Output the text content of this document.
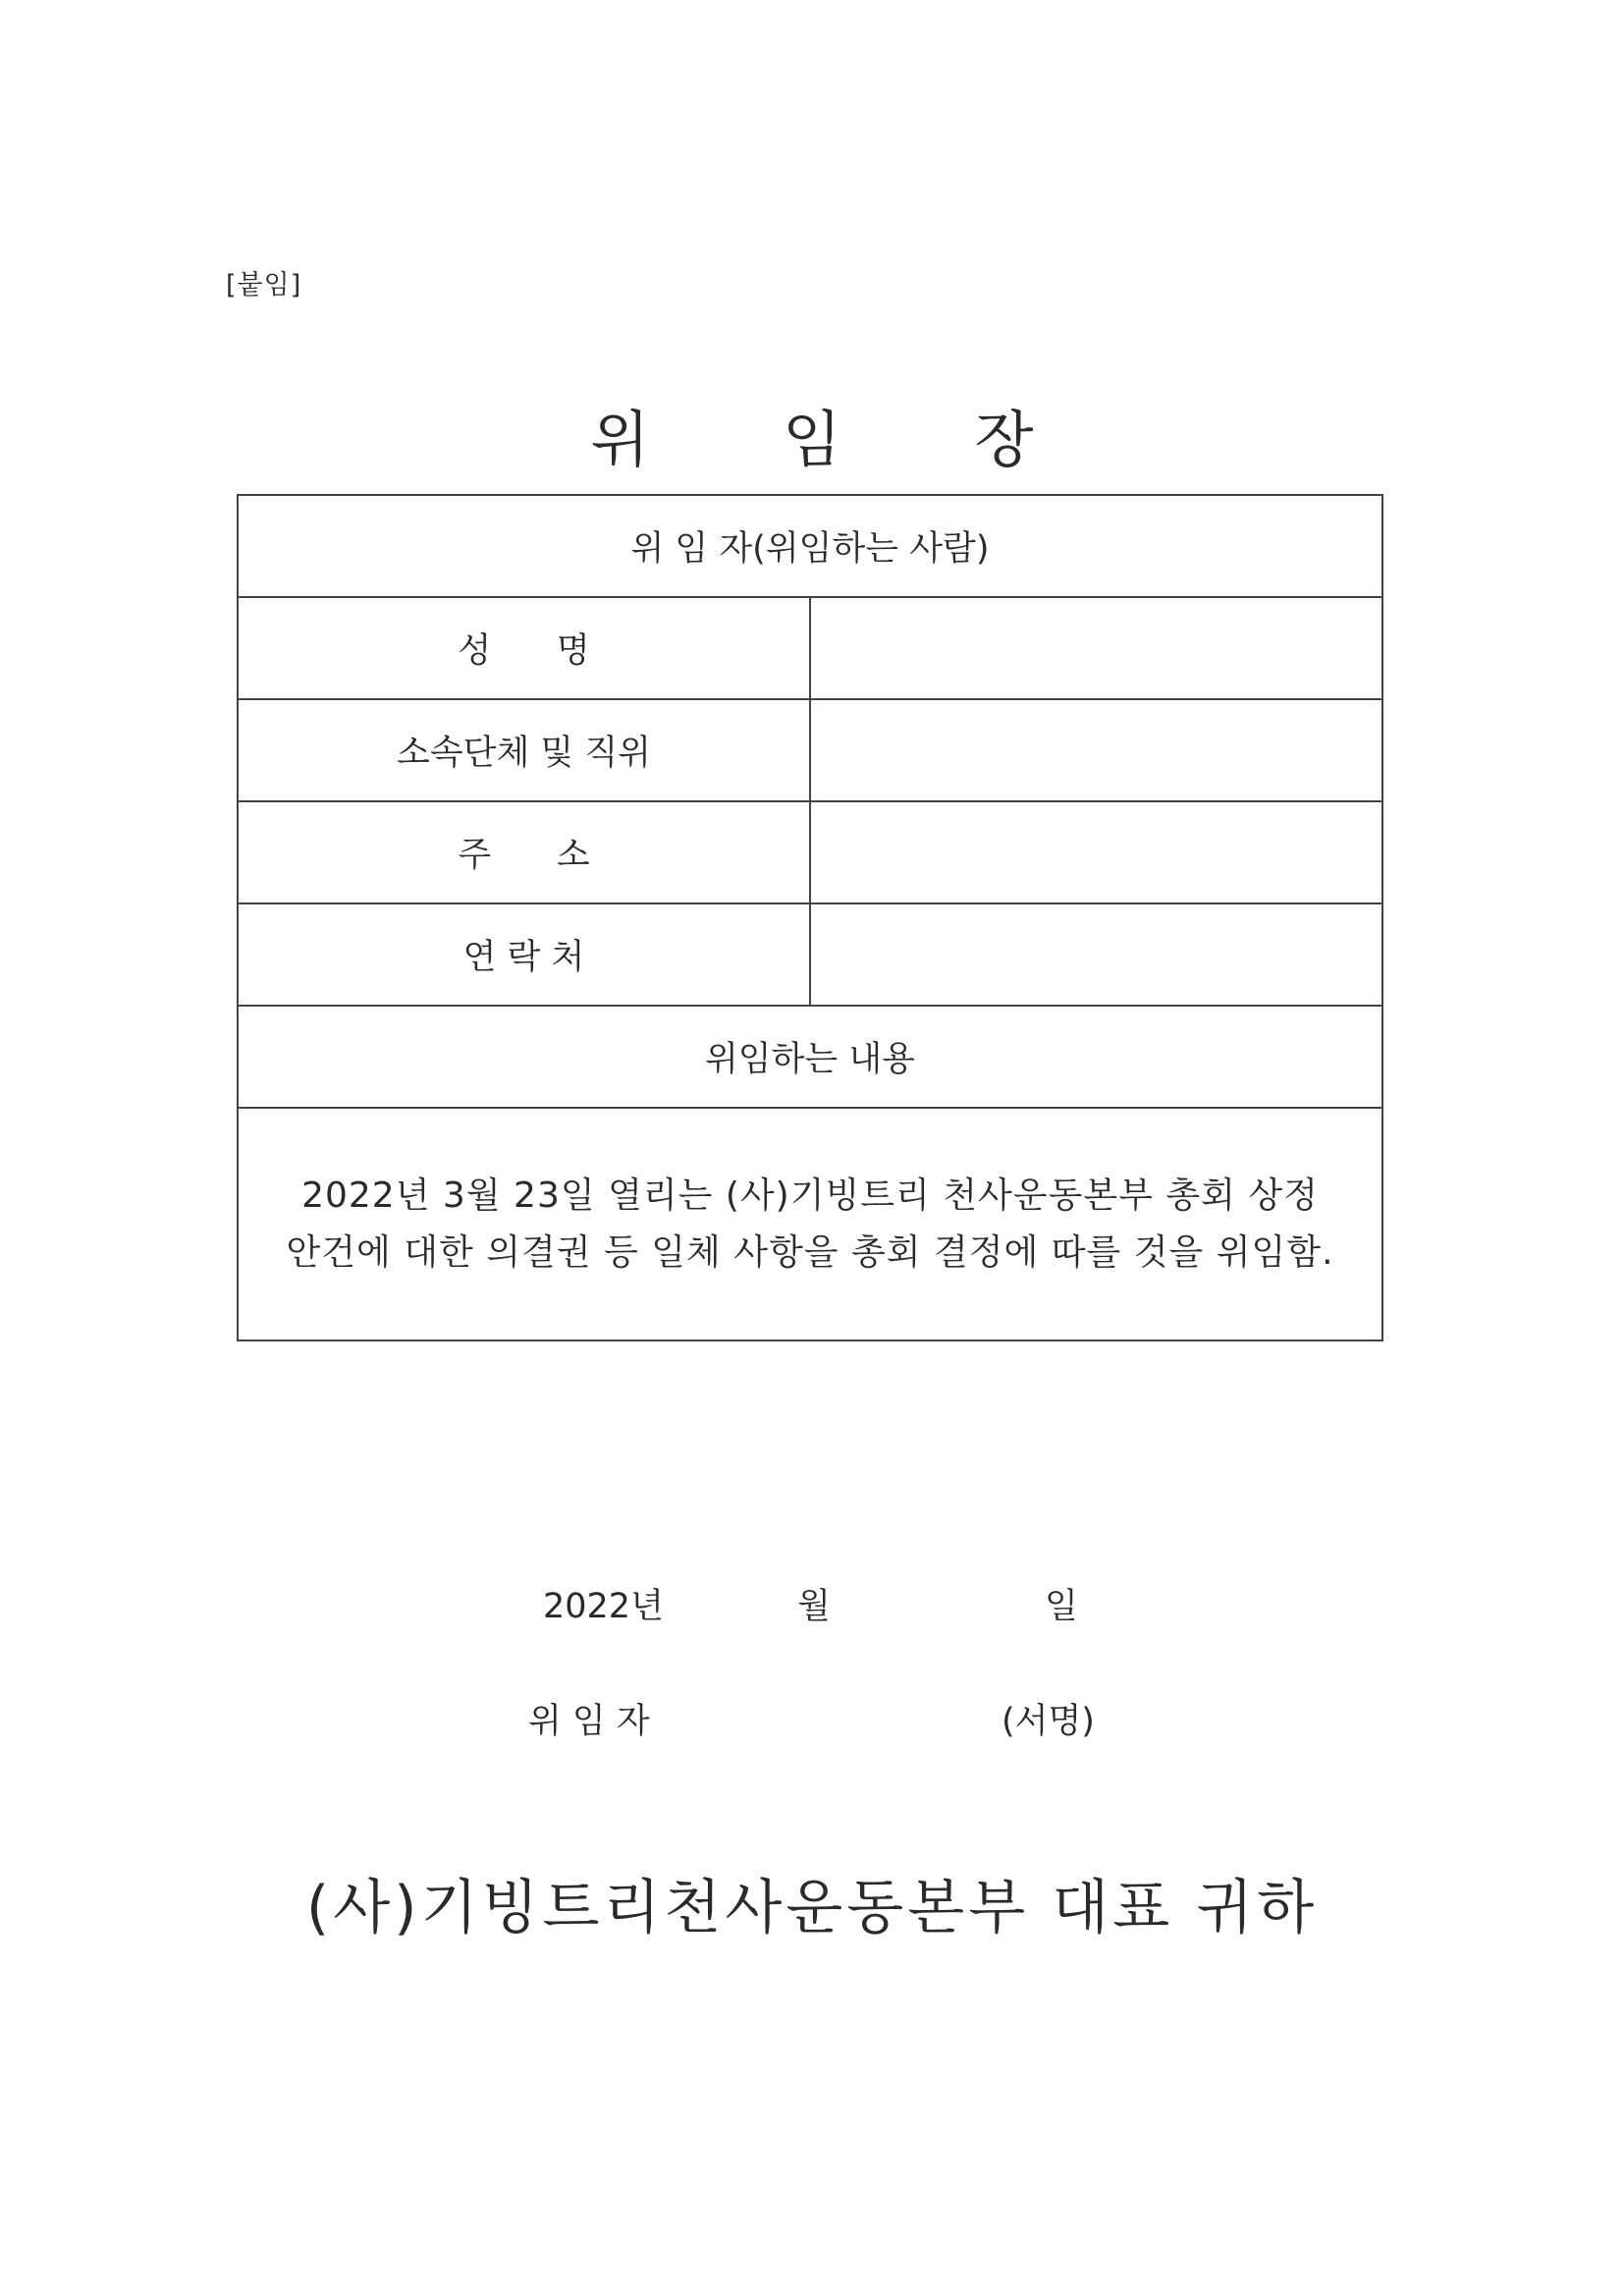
[붙임]
위 임 장
위 임 자(위임하는 사람)	
성      명	
소속단체 및 직위	
주      소	
연 락 처	
위임하는 내용	

2022년 3월 23일 열리는 (사)기빙트리 천사운동본부 총회 상정
안건에 대한 의결권 등 일체 사항을 총회 결정에 따를 것을 위임함.	
2022년	월	일
위 임 자	(서명)
(사)기빙트리천사운동본부 대표 귀하
